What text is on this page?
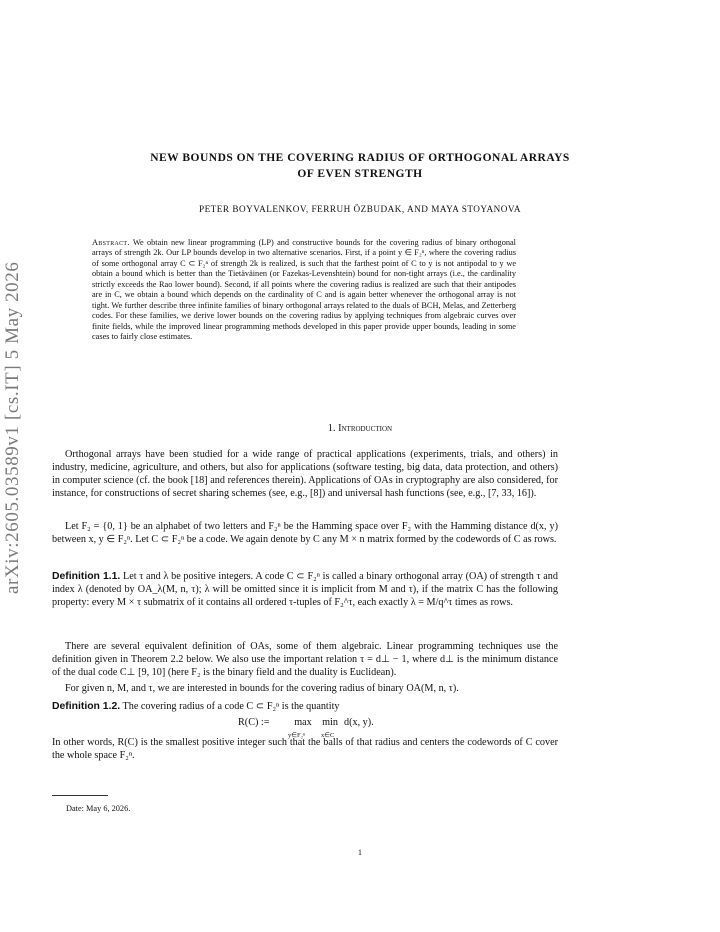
arXiv:2605.03589v1 [cs.IT] 5 May 2026
NEW BOUNDS ON THE COVERING RADIUS OF ORTHOGONAL ARRAYS
OF EVEN STRENGTH
PETER BOYVALENKOV, FERRUH ÖZBUDAK, AND MAYA STOYANOVA
Abstract. We obtain new linear programming (LP) and constructive bounds for the covering radius of binary orthogonal arrays of strength 2k. Our LP bounds develop in two alternative scenarios. First, if a point y ∈ F₂ⁿ, where the covering radius of some orthogonal array C ⊂ F₂ⁿ of strength 2k is realized, is such that the farthest point of C to y is not antipodal to y we obtain a bound which is better than the Tietäväinen (or Fazekas-Levenshtein) bound for non-tight arrays (i.e., the cardinality strictly exceeds the Rao lower bound). Second, if all points where the covering radius is realized are such that their antipodes are in C, we obtain a bound which depends on the cardinality of C and is again better whenever the orthogonal array is not tight. We further describe three infinite families of binary orthogonal arrays related to the duals of BCH, Melas, and Zetterberg codes. For these families, we derive lower bounds on the covering radius by applying techniques from algebraic curves over finite fields, while the improved linear programming methods developed in this paper provide upper bounds, leading in some cases to fairly close estimates.
1. Introduction
Orthogonal arrays have been studied for a wide range of practical applications (experiments, trials, and others) in industry, medicine, agriculture, and others, but also for applications (software testing, big data, data protection, and others) in computer science (cf. the book [18] and references therein). Applications of OAs in cryptography are also considered, for instance, for constructions of secret sharing schemes (see, e.g., [8]) and universal hash functions (see, e.g., [7, 33, 16]).
Let F₂ = {0, 1} be an alphabet of two letters and F₂ⁿ be the Hamming space over F₂ with the Hamming distance d(x, y) between x, y ∈ F₂ⁿ. Let C ⊂ F₂ⁿ be a code. We again denote by C any M × n matrix formed by the codewords of C as rows.
Definition 1.1. Let τ and λ be positive integers. A code C ⊂ F₂ⁿ is called a binary orthogonal array (OA) of strength τ and index λ (denoted by OA_λ(M, n, τ); λ will be omitted since it is implicit from M and τ), if the matrix C has the following property: every M × τ submatrix of it contains all ordered τ-tuples of F₂^τ, each exactly λ = M/q^τ times as rows.
There are several equivalent definition of OAs, some of them algebraic. Linear programming techniques use the definition given in Theorem 2.2 below. We also use the important relation τ = d⊥ − 1, where d⊥ is the minimum distance of the dual code C⊥ [9, 10] (here F₂ is the binary field and the duality is Euclidean).
For given n, M, and τ, we are interested in bounds for the covering radius of binary OA(M, n, τ).
Definition 1.2. The covering radius of a code C ⊂ F₂ⁿ is the quantity
R(C) :=	max
y∈F₂ⁿ
min
x∈C
d(x, y).
In other words, R(C) is the smallest positive integer such that the balls of that radius and centers the codewords of C cover the whole space F₂ⁿ.
Date: May 6, 2026.
1
